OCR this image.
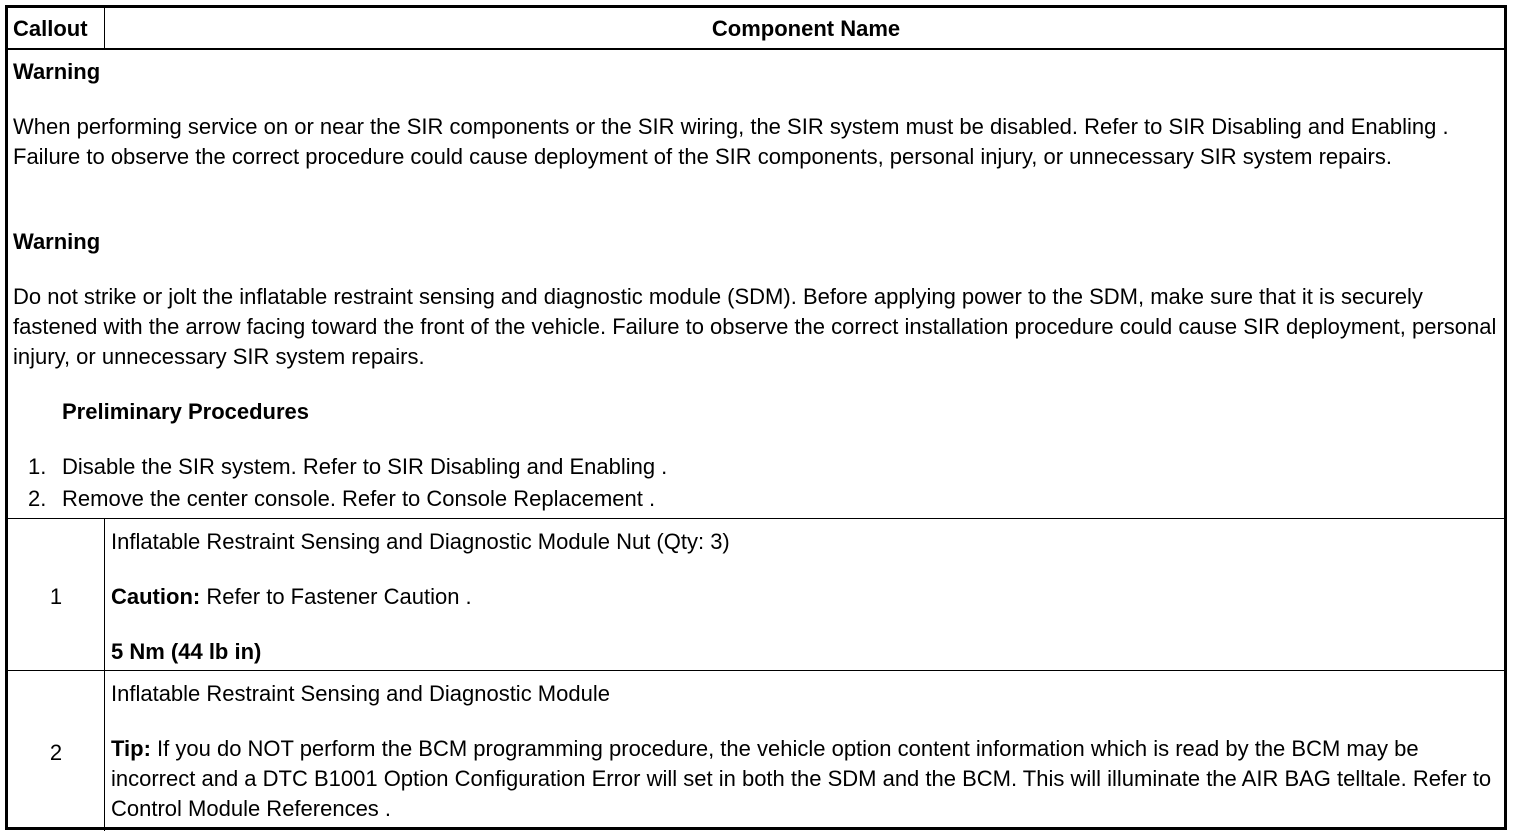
Callout	Component Name
Warning
When performing service on or near the SIR components or the SIR wiring, the SIR system must be disabled. Refer to SIR Disabling and Enabling . Failure to observe the correct procedure could cause deployment of the SIR components, personal injury, or unnecessary SIR system repairs.
Warning
Do not strike or jolt the inflatable restraint sensing and diagnostic module (SDM). Before applying power to the SDM, make sure that it is securely fastened with the arrow facing toward the front of the vehicle. Failure to observe the correct installation procedure could cause SIR deployment, personal injury, or unnecessary SIR system repairs.
Preliminary Procedures
1. Disable the SIR system. Refer to SIR Disabling and Enabling .
2. Remove the center console. Refer to Console Replacement .
1
Inflatable Restraint Sensing and Diagnostic Module Nut (Qty: 3)
Caution: Refer to Fastener Caution .
5 Nm (44 lb in)
2
Inflatable Restraint Sensing and Diagnostic Module
Tip: If you do NOT perform the BCM programming procedure, the vehicle option content information which is read by the BCM may be incorrect and a DTC B1001 Option Configuration Error will set in both the SDM and the BCM. This will illuminate the AIR BAG telltale. Refer to Control Module References .
